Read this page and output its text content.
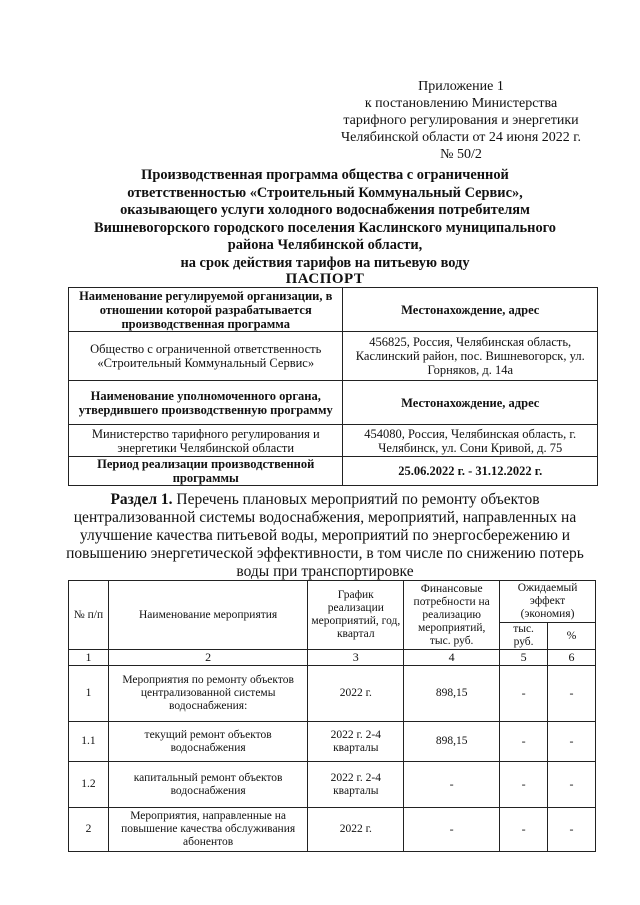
Приложение 1
к постановлению Министерства
тарифного регулирования и энергетики
Челябинской области от 24 июня 2022 г.
№ 50/2
Производственная программа общества с ограниченной
ответственностью «Строительный Коммунальный Сервис»,
оказывающего услуги холодного водоснабжения потребителям
Вишневогорского городского поселения Каслинского муниципального
района Челябинской области,
на срок действия тарифов на питьевую воду
ПАСПОРТ
Наименование регулируемой организации, в отношении которой разрабатывается производственная программа	Местонахождение, адрес
Общество с ограниченной ответственность «Строительный Коммунальный Сервис»	456825, Россия, Челябинская область, Каслинский район, пос. Вишневогорск, ул. Горняков, д. 14а
Наименование уполномоченного органа, утвердившего производственную программу	Местонахождение, адрес
Министерство тарифного регулирования и энергетики Челябинской области	454080, Россия, Челябинская область, г. Челябинск, ул. Сони Кривой, д. 75
Период реализации производственной программы	25.06.2022 г. - 31.12.2022 г.
Раздел 1. Перечень плановых мероприятий по ремонту объектов централизованной системы водоснабжения, мероприятий, направленных на улучшение качества питьевой воды, мероприятий по энергосбережению и повышению энергетической эффективности, в том числе по снижению потерь воды при транспортировке
№ п/п	Наименование мероприятия	График реализации мероприятий, год, квартал	Финансовые потребности на реализацию мероприятий, тыс. руб.	Ожидаемый эффект (экономия)	
				тыс. руб.	%
1	2	3	4	5	6
1	Мероприятия по ремонту объектов централизованной системы водоснабжения:	2022 г.	898,15	-	-
1.1	текущий ремонт объектов водоснабжения	2022 г. 2-4 кварталы	898,15	-	-
1.2	капитальный ремонт объектов водоснабжения	2022 г. 2-4 кварталы	-	-	-
2	Мероприятия, направленные на повышение качества обслуживания абонентов	2022 г.	-	-	-
